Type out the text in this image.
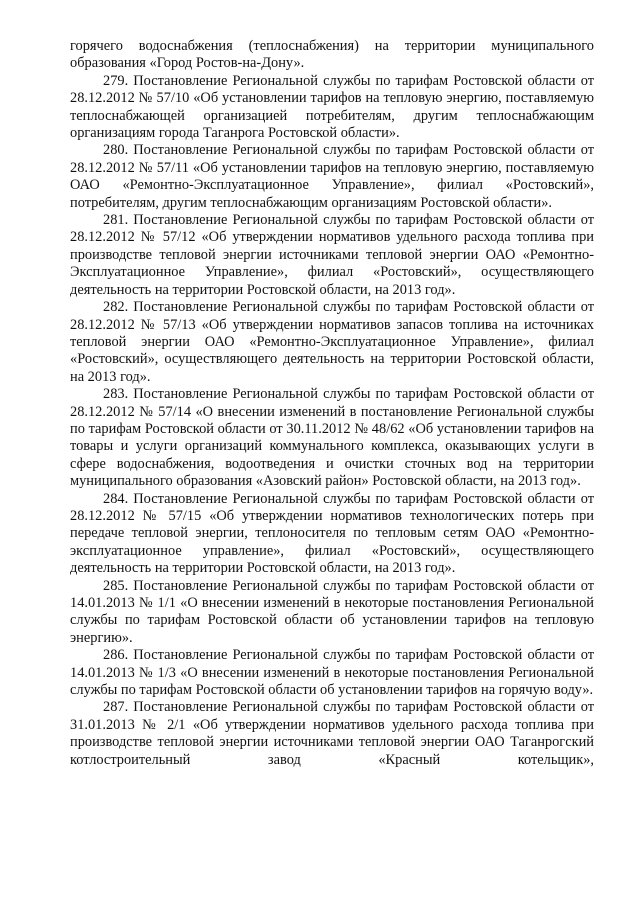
горячего водоснабжения (теплоснабжения) на территории муниципального образования «Город Ростов-на-Дону».

279. Постановление Региональной службы по тарифам Ростовской области от 28.12.2012 № 57/10 «Об установлении тарифов на тепловую энергию, поставляемую теплоснабжающей организацией потребителям, другим теплоснабжающим организациям города Таганрога Ростовской области».

280. Постановление Региональной службы по тарифам Ростовской области от 28.12.2012 № 57/11 «Об установлении тарифов на тепловую энергию, поставляемую ОАО «Ремонтно-Эксплуатационное Управление», филиал «Ростовский», потребителям, другим теплоснабжающим организациям Ростовской области».

281. Постановление Региональной службы по тарифам Ростовской области от 28.12.2012 № 57/12 «Об утверждении нормативов удельного расхода топлива при производстве тепловой энергии источниками тепловой энергии ОАО «Ремонтно-Эксплуатационное Управление», филиал «Ростовский», осуществляющего деятельность на территории Ростовской области, на 2013 год».

282. Постановление Региональной службы по тарифам Ростовской области от 28.12.2012 № 57/13 «Об утверждении нормативов запасов топлива на источниках тепловой энергии ОАО «Ремонтно-Эксплуатационное Управление», филиал «Ростовский», осуществляющего деятельность на территории Ростовской области, на 2013 год».

283. Постановление Региональной службы по тарифам Ростовской области от 28.12.2012 № 57/14 «О внесении изменений в постановление Региональной службы по тарифам Ростовской области от 30.11.2012 № 48/62 «Об установлении тарифов на товары и услуги организаций коммунального комплекса, оказывающих услуги в сфере водоснабжения, водоотведения и очистки сточных вод на территории муниципального образования «Азовский район» Ростовской области, на 2013 год».

284. Постановление Региональной службы по тарифам Ростовской области от 28.12.2012 № 57/15 «Об утверждении нормативов технологических потерь при передаче тепловой энергии, теплоносителя по тепловым сетям ОАО «Ремонтно-эксплуатационное управление», филиал «Ростовский», осуществляющего деятельность на территории Ростовской области, на 2013 год».

285. Постановление Региональной службы по тарифам Ростовской области от 14.01.2013 № 1/1 «О внесении изменений в некоторые постановления Региональной службы по тарифам Ростовской области об установлении тарифов на тепловую энергию».

286. Постановление Региональной службы по тарифам Ростовской области от 14.01.2013 № 1/3 «О внесении изменений в некоторые постановления Региональной службы по тарифам Ростовской области об установлении тарифов на горячую воду».

287. Постановление Региональной службы по тарифам Ростовской области от 31.01.2013 № 2/1 «Об утверждении нормативов удельного расхода топлива при производстве тепловой энергии источниками тепловой энергии ОАО Таганрогский котлостроительный завод «Красный котельщик»,
